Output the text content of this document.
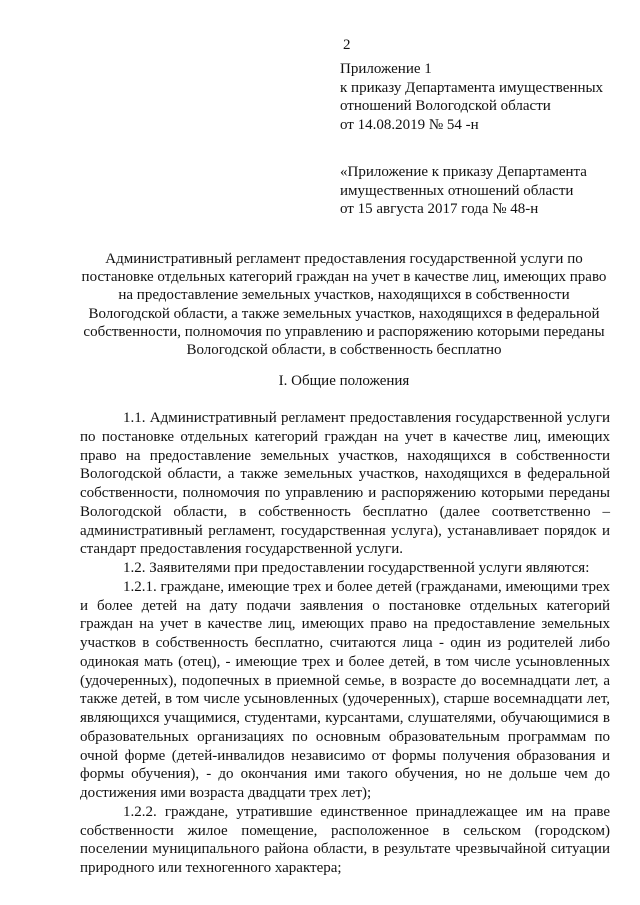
2
Приложение 1
к приказу Департамента имущественных
отношений Вологодской области
от 14.08.2019 № 54 -н
«Приложение к приказу Департамента
имущественных отношений области
от 15 августа 2017 года № 48-н
Административный регламент предоставления государственной услуги по постановке отдельных категорий граждан на учет в качестве лиц, имеющих право на предоставление земельных участков, находящихся в собственности Вологодской области, а также земельных участков, находящихся в федеральной собственности, полномочия по управлению и распоряжению которыми переданы Вологодской области, в собственность бесплатно
I. Общие положения

1.1. Административный регламент предоставления государственной услуги по постановке отдельных категорий граждан на учет в качестве лиц, имеющих право на предоставление земельных участков, находящихся в собственности Вологодской области, а также земельных участков, находящихся в федеральной собственности, полномочия по управлению и распоряжению которыми переданы Вологодской области, в собственность бесплатно (далее соответственно – административный регламент, государственная услуга), устанавливает порядок и стандарт предоставления государственной услуги.

1.2. Заявителями при предоставлении государственной услуги являются:

1.2.1. граждане, имеющие трех и более детей (гражданами, имеющими трех и более детей на дату подачи заявления о постановке отдельных категорий граждан на учет в качестве лиц, имеющих право на предоставление земельных участков в собственность бесплатно, считаются лица - один из родителей либо одинокая мать (отец), - имеющие трех и более детей, в том числе усыновленных (удочеренных), подопечных в приемной семье, в возрасте до восемнадцати лет, а также детей, в том числе усыновленных (удочеренных), старше восемнадцати лет, являющихся учащимися, студентами, курсантами, слушателями, обучающимися в образовательных организациях по основным образовательным программам по очной форме (детей-инвалидов независимо от формы получения образования и формы обучения), - до окончания ими такого обучения, но не дольше чем до достижения ими возраста двадцати трех лет);

1.2.2. граждане, утратившие единственное принадлежащее им на праве собственности жилое помещение, расположенное в сельском (городском) поселении муниципального района области, в результате чрезвычайной ситуации природного или техногенного характера;
